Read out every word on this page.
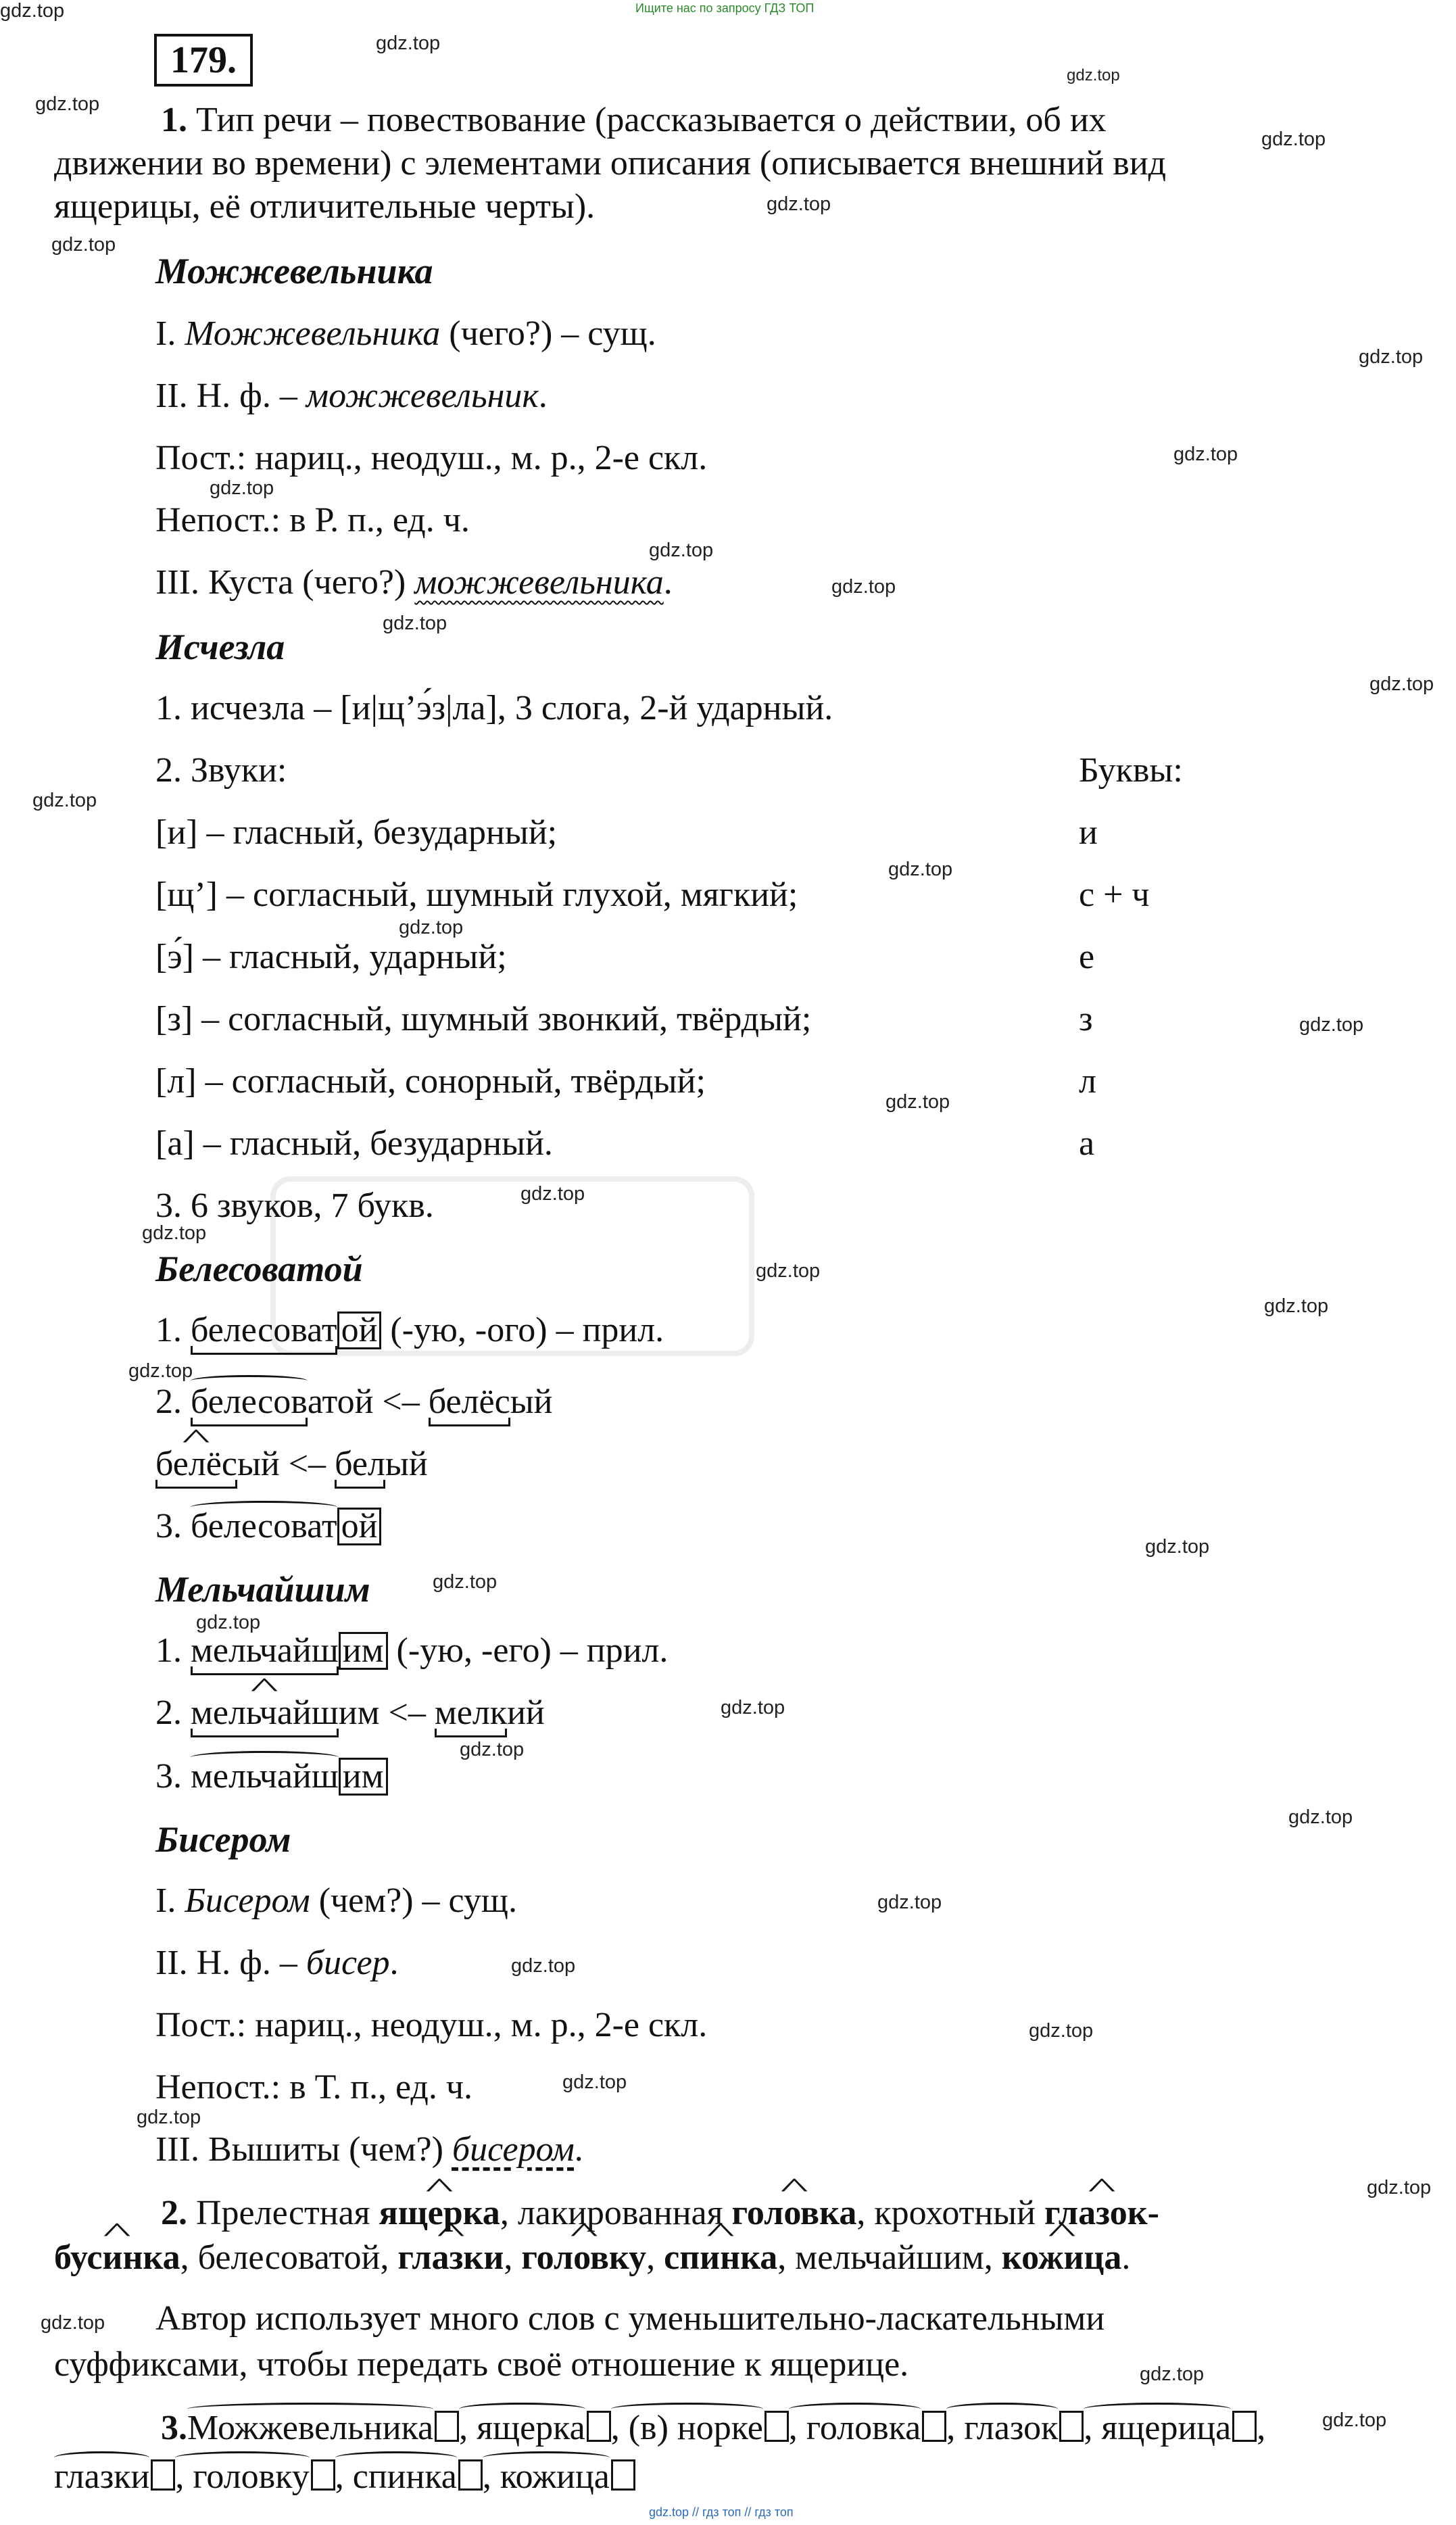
Ищите нас по запросу ГДЗ ТОП
179.	gdz.top
gdz.top
gdz.top
gdz.top
gdz.top
gdz.top
gdz.top
gdz.top
gdz.top
gdz.top
gdz.top
gdz.top
gdz.top
gdz.top
gdz.top
gdz.top
gdz.top
gdz.top
gdz.top
gdz.top
gdz.top
gdz.top
gdz.top
gdz.top
gdz.top
gdz.top
gdz.top
gdz.top
gdz.top
gdz.top
gdz.top
gdz.top
gdz.top
gdz.top
gdz.top
gdz.top
gdz.top
gdz.top
gdz.top
1. Тип речи – повествование (рассказывается о действии, об их
движении во времени) с элементами описания (описывается внешний вид
ящерицы, её отличительные черты).
Можжевельника
I. Можжевельника (чего?) – сущ.
II. Н. ф. – можжевельник.
Пост.: нариц., неодуш., м. р., 2-е скл.
Непост.: в Р. п., ед. ч.
III. Куста (чего?) можжевельника.
Исчезла
1. исчезла – [и|щ’э́з|ла], 3 слога, 2-й ударный.
2. Звуки:	Буквы:
[и] – гласный, безударный;	и
[щ’] – согласный, шумный глухой, мягкий;	с + ч
[э́] – гласный, ударный;	е
[з] – согласный, шумный звонкий, твёрдый;	з
[л] – согласный, сонорный, твёрдый;	л
[а] – гласный, безударный.	а
3. 6 звуков, 7 букв.
Белесоватой
1. белесоват ой (-ую, -ого) – прил.
2. белесоватой <– белёсый
^ белёсый <– белый
3. белесоват ой
Мельчайшим
1. мельчайш им (-ую, -его) – прил.
2. ^ мельчайшим <– мелкий
3. мельчайш им
Бисером
I. Бисером (чем?) – сущ.
II. Н. ф. – бисер.
Пост.: нариц., неодуш., м. р., 2-е скл.
Непост.: в Т. п., ед. ч.
III. Вышиты (чем?) бисером.
2. Прелестная ^ ящерка, лакированная ^ головка, крохотный ^ глазок-
^ бусинка, белесоватой, ^ глазки, ^ головку, ^ спинка, мельчайшим, ^ кожица.
Автор использует много слов с уменьшительно-ласкательными
суффиксами, чтобы передать своё отношение к ящерице.
3.Можжевельника , ящерка , (в) норке , головка , глазок, ящерица ,
глазки , головку , спинка , кожица
gdz.top // гдз топ // гдз топ
